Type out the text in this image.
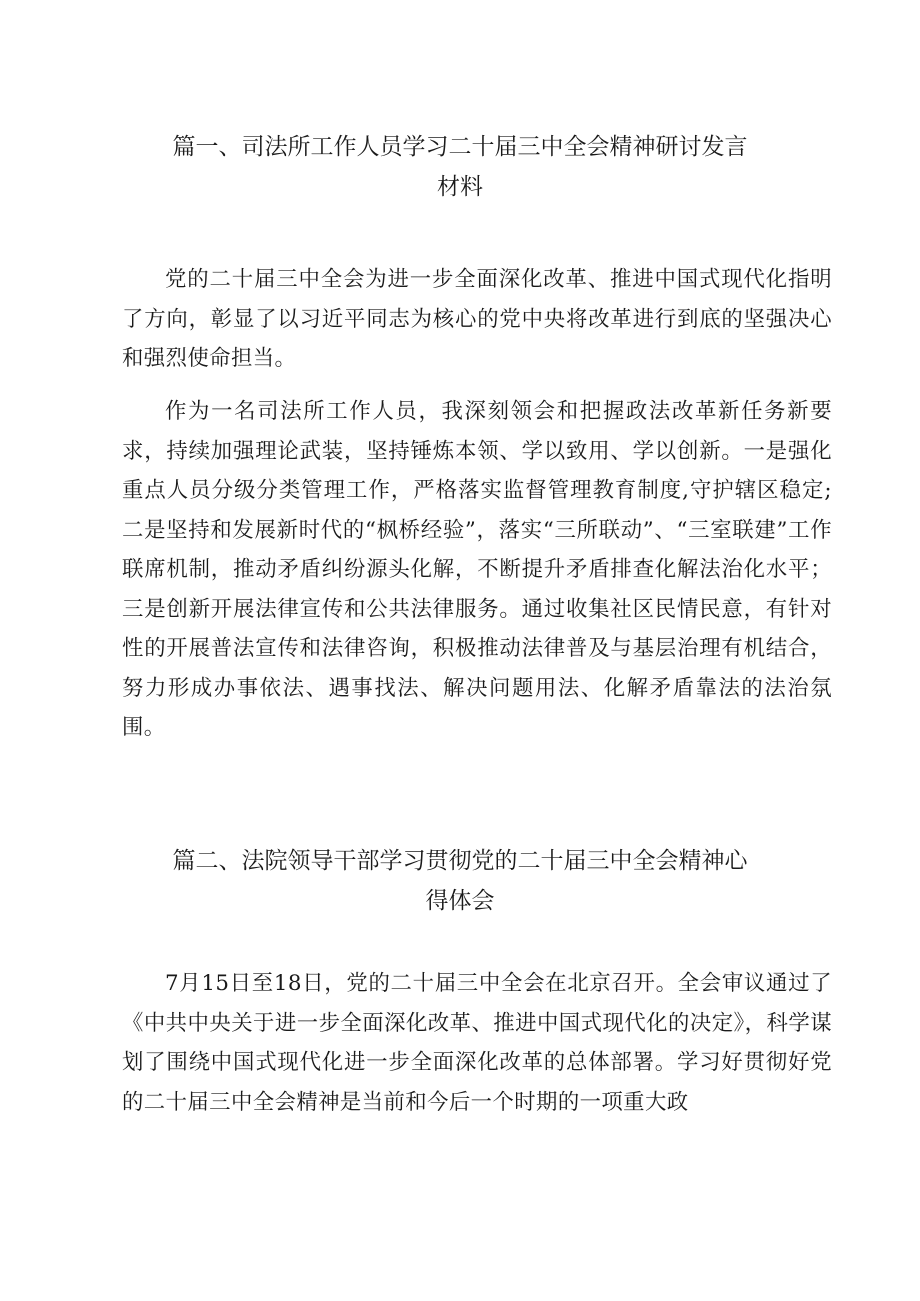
篇一、司法所工作人员学习二十届三中全会精神研讨发言
材料

党的二十届三中全会为进一步全面深化改革、推进中国式现代化指明了方向，彰显了以习近平同志为核心的党中央将改革进行到底的坚强决心和强烈使命担当。

作为一名司法所工作人员，我深刻领会和把握政法改革新任务新要求，持续加强理论武装，坚持锤炼本领、学以致用、学以创新。一是强化重点人员分级分类管理工作，严格落实监督管理教育制度,守护辖区稳定;二是坚持和发展新时代的“枫桥经验”，落实“三所联动”、“三室联建”工作联席机制，推动矛盾纠纷源头化解，不断提升矛盾排查化解法治化水平；三是创新开展法律宣传和公共法律服务。通过收集社区民情民意，有针对性的开展普法宣传和法律咨询，积极推动法律普及与基层治理有机结合，努力形成办事依法、遇事找法、解决问题用法、化解矛盾靠法的法治氛围。

篇二、法院领导干部学习贯彻党的二十届三中全会精神心
得体会

7月15日至18日，党的二十届三中全会在北京召开。全会审议通过了《中共中央关于进一步全面深化改革、推进中国式现代化的决定》，科学谋划了围绕中国式现代化进一步全面深化改革的总体部署。学习好贯彻好党的二十届三中全会精神是当前和今后一个时期的一项重大政
